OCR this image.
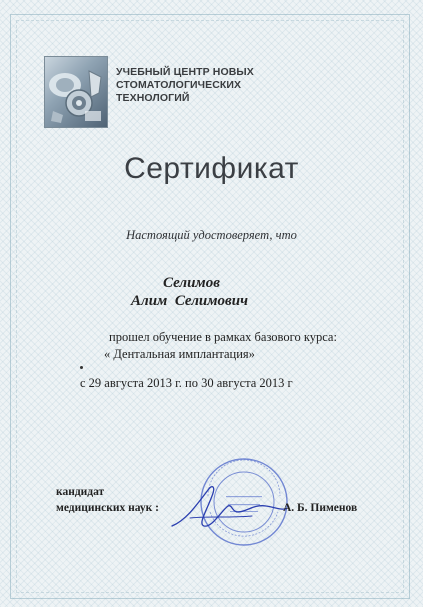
УЧЕБНЫЙ ЦЕНТР НОВЫХ
СТОМАТОЛОГИЧЕСКИХ
ТЕХНОЛОГИЙ
Сертификат
Настоящий удостоверяет, что
Селимов
Алим  Селимович
прошел обучение в рамках базового курса:
« Дентальная имплантация»
с 29 августа 2013 г. по 30 августа 2013 г
кандидат
медицинских наук :	А. Б. Пименов
